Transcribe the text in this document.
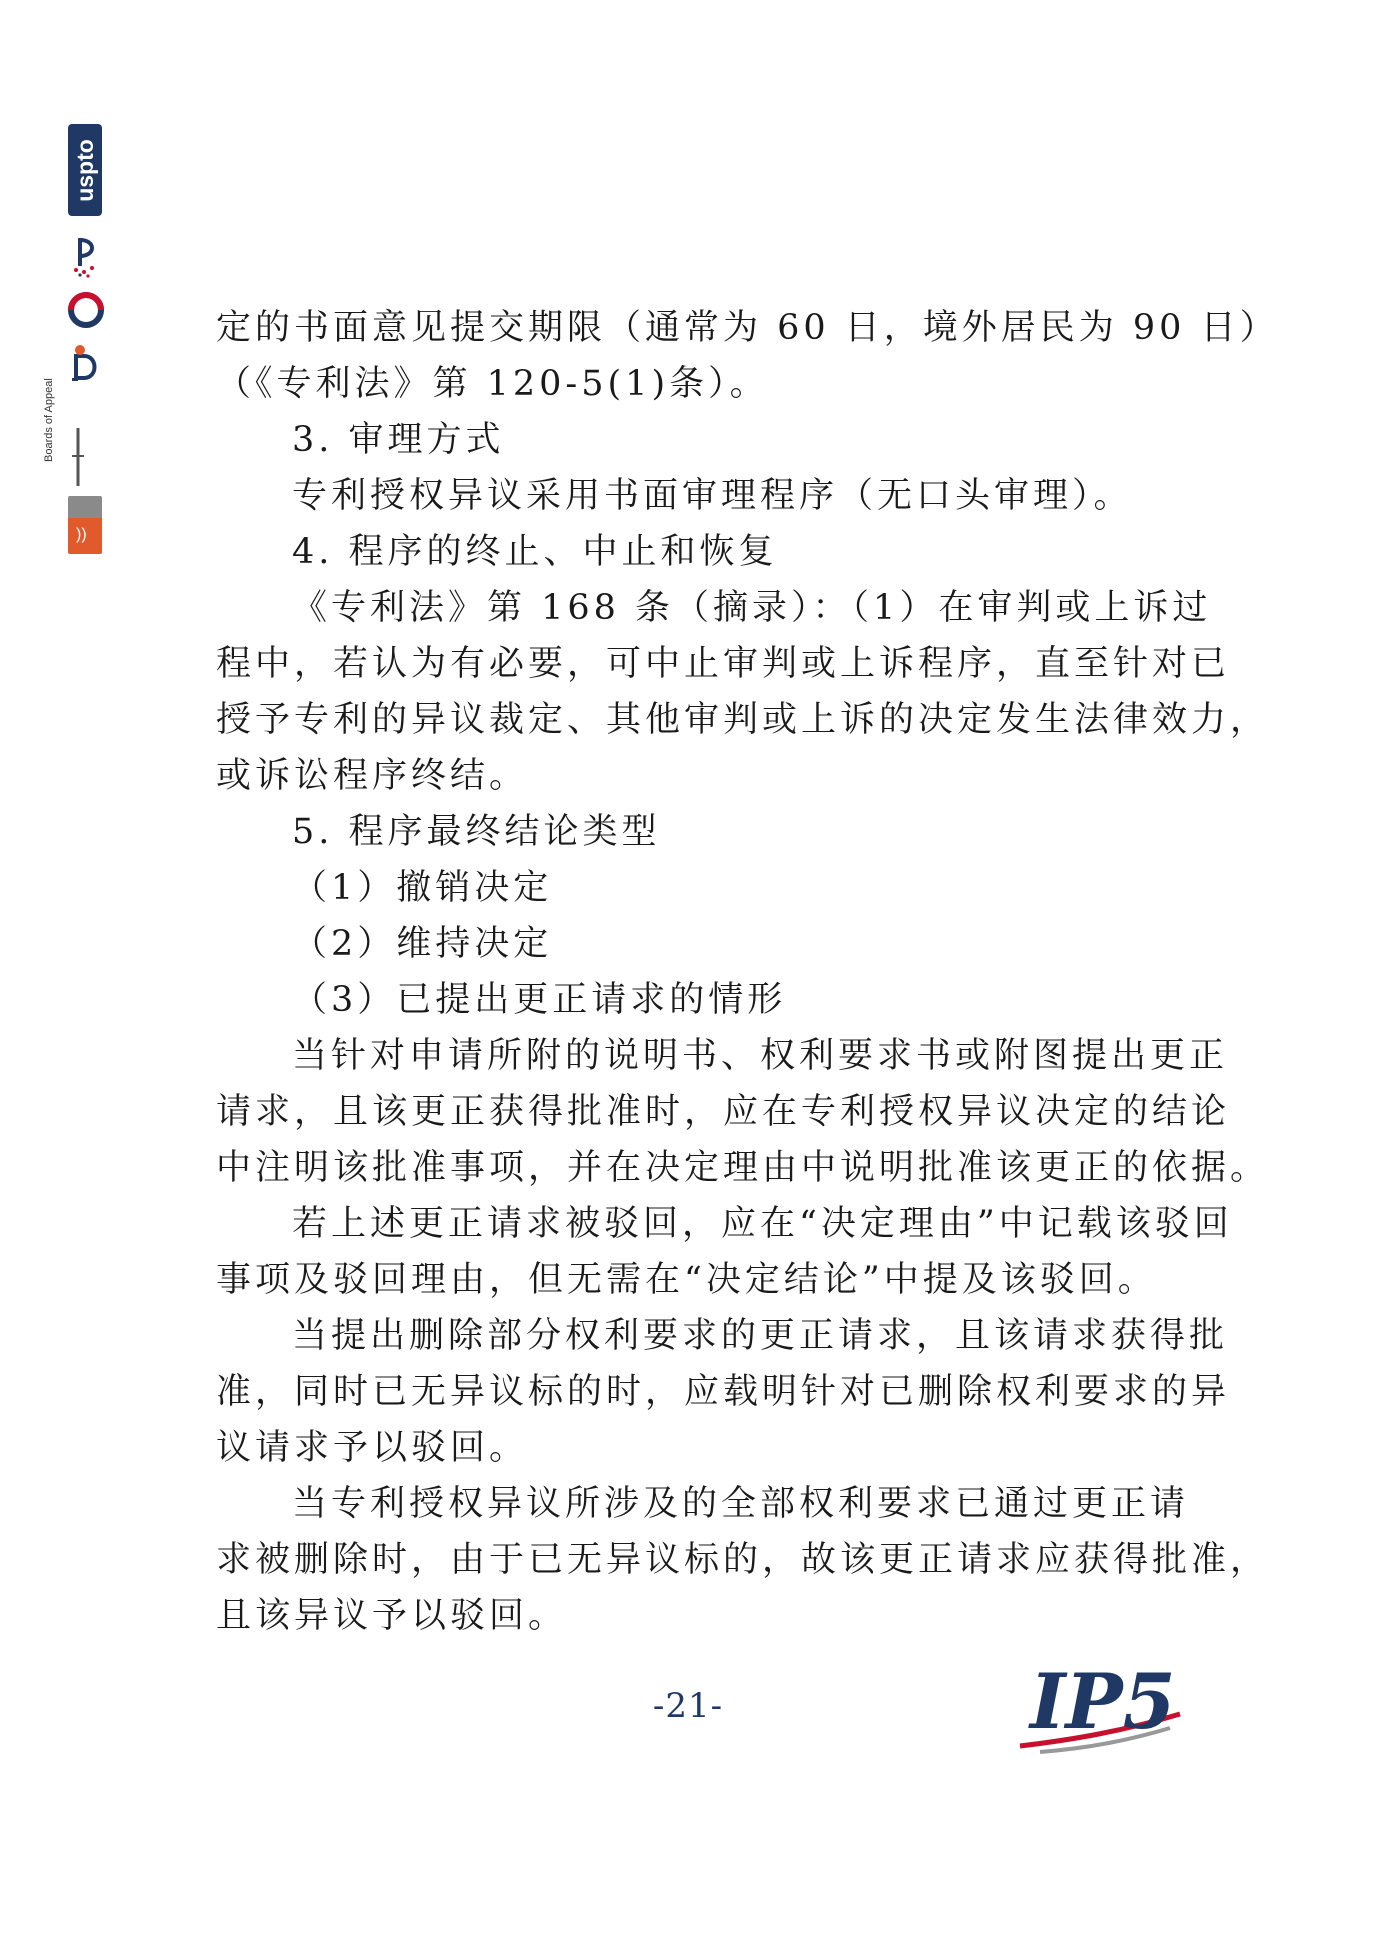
uspto
Boards of Appeal
))
定的书面意见提交期限（通常为 60 日，境外居民为 90 日）
（《专利法》第 120-5(1)条）。
3. 审理方式
专利授权异议采用书面审理程序（无口头审理）。
4. 程序的终止、中止和恢复
《专利法》第 168 条（摘录）：（1）在审判或上诉过
程中，若认为有必要，可中止审判或上诉程序，直至针对已
授予专利的异议裁定、其他审判或上诉的决定发生法律效力，
或诉讼程序终结。
5. 程序最终结论类型
（1）撤销决定
（2）维持决定
（3）已提出更正请求的情形
当针对申请所附的说明书、权利要求书或附图提出更正
请求，且该更正获得批准时，应在专利授权异议决定的结论
中注明该批准事项，并在决定理由中说明批准该更正的依据。
若上述更正请求被驳回，应在“决定理由”中记载该驳回
事项及驳回理由，但无需在“决定结论”中提及该驳回。
当提出删除部分权利要求的更正请求，且该请求获得批
准，同时已无异议标的时，应载明针对已删除权利要求的异
议请求予以驳回。
当专利授权异议所涉及的全部权利要求已通过更正请
求被删除时，由于已无异议标的，故该更正请求应获得批准，
且该异议予以驳回。
-21-	IP5
